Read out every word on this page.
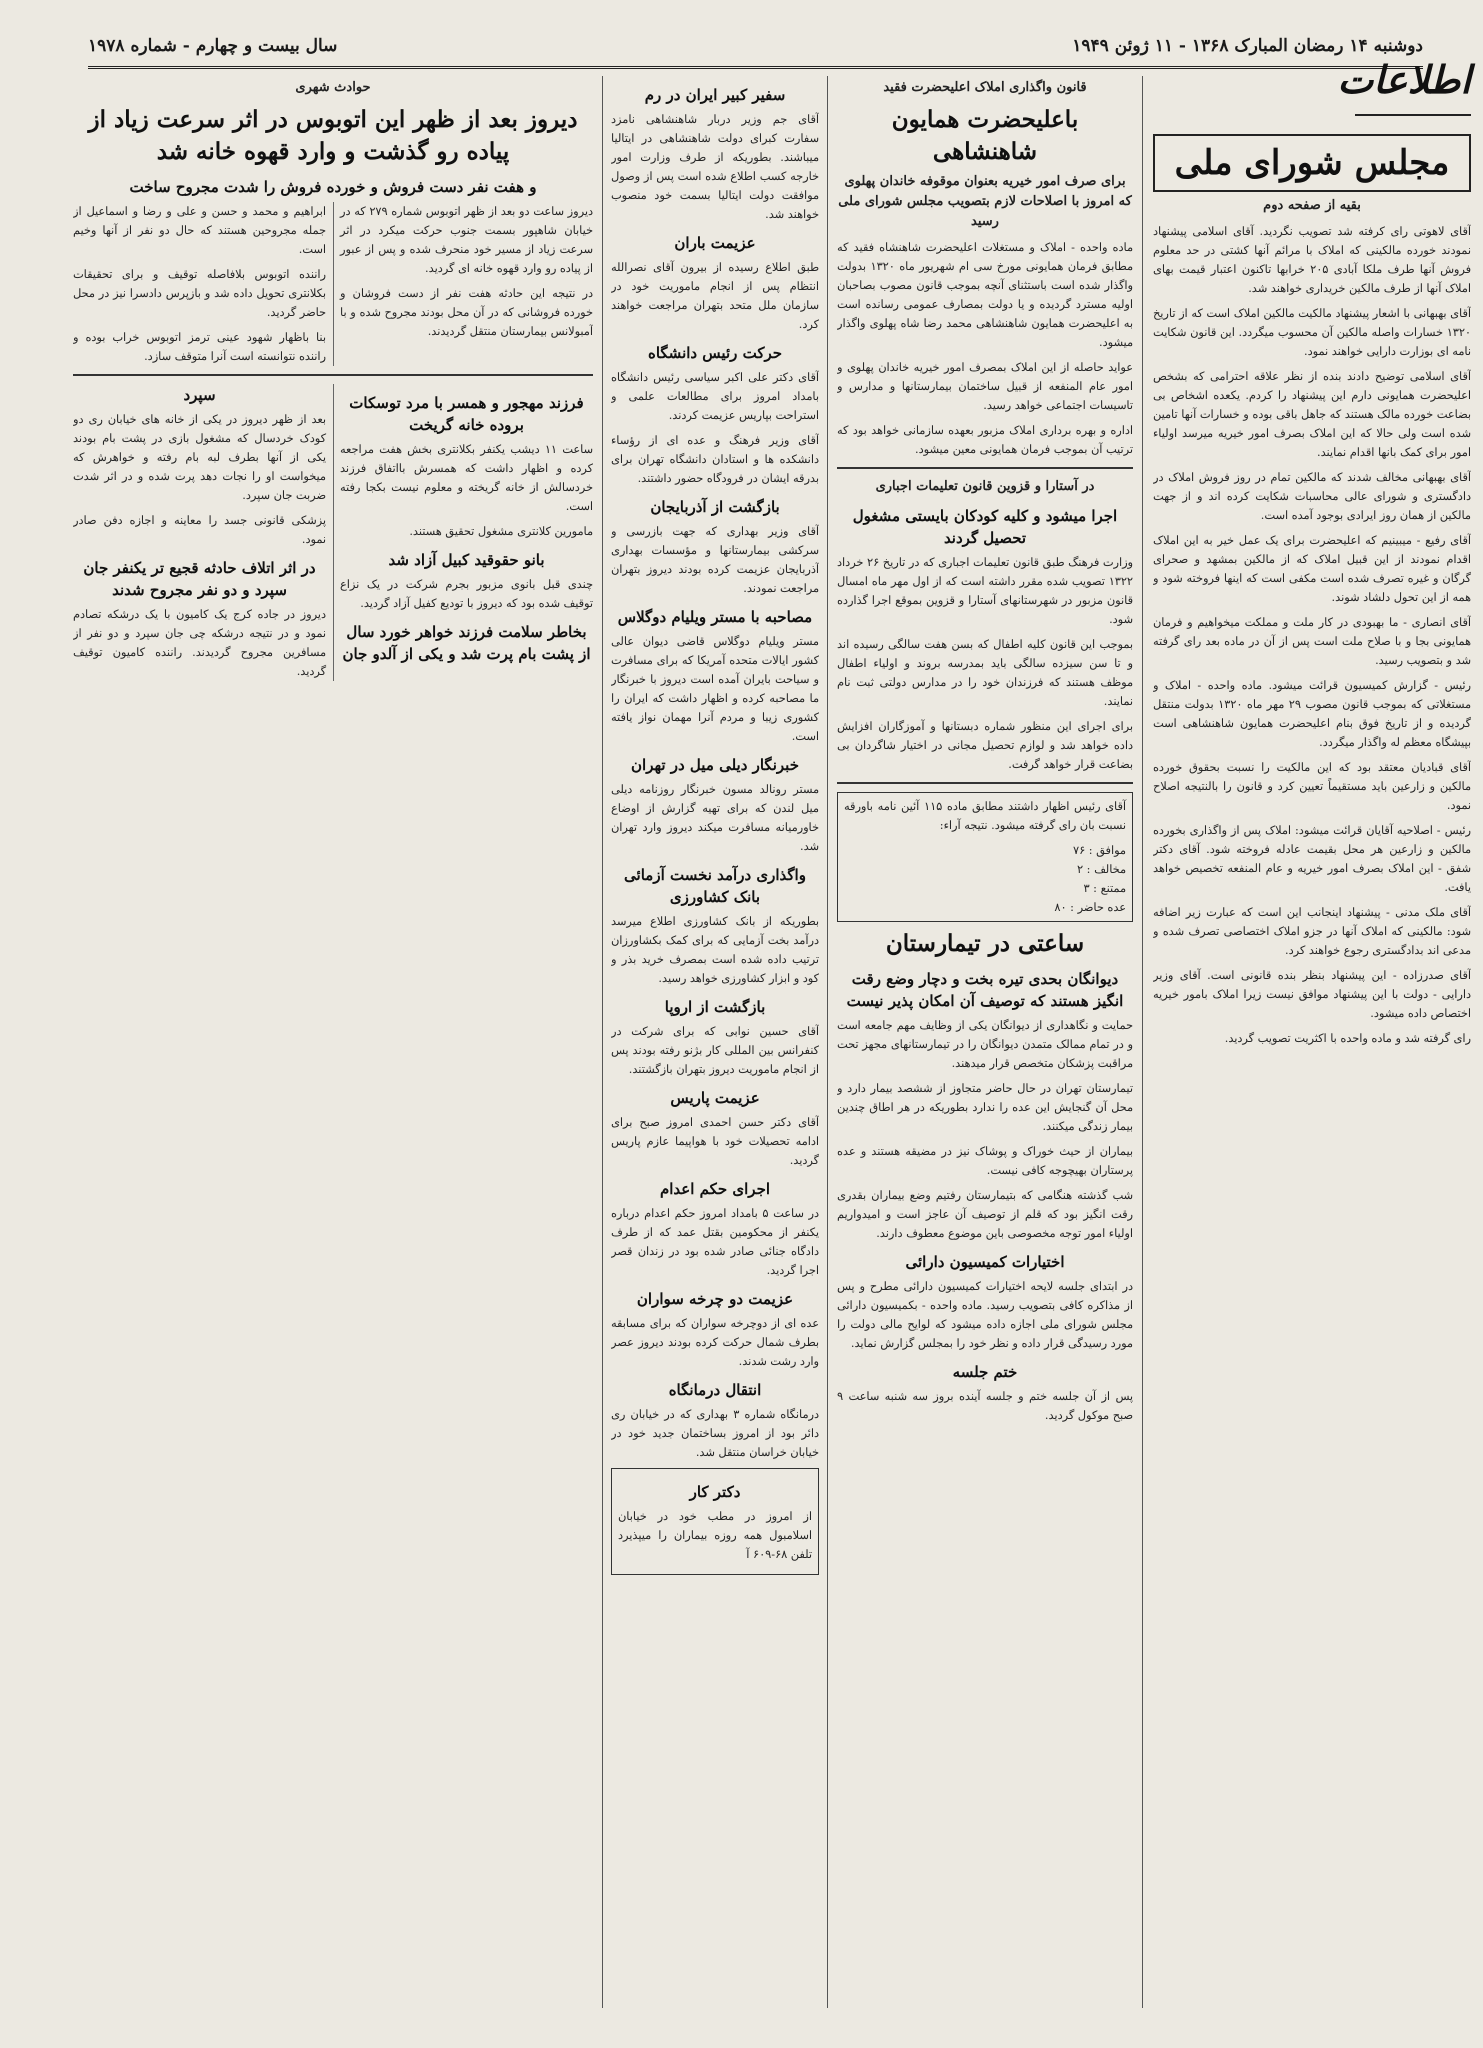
دوشنبه ۱۴ رمضان المبارک ۱۳۶۸ - ۱۱ ژوئن ۱۹۴۹
سال بیست و چهارم - شماره ۱۹۷۸
اطلاعات
مجلس شورای ملی
بقیه از صفحه دوم

آقای لاهوتی رای کرفته شد تصویب نگردید. آقای اسلامی پیشنهاد نمودند خورده مالکینی که املاک با مرائم آنها کشتی در حد معلوم فروش آنها طرف ملکا آبادی ۲۰۵ خرابها تاکنون اعتبار قیمت بهای املاک آنها از طرف مالکین خریداری خواهند شد.

آقای بهبهانی با اشعار پیشنهاد مالکیت مالکین املاک است که از تاریخ ۱۳۲۰ خسارات واصله مالکین آن محسوب میگردد. این قانون شکایت نامه ای بوزارت دارایی خواهند نمود.

آقای اسلامی توضیح دادند بنده از نظر علاقه احترامی که بشخص اعلیحضرت همایونی دارم این پیشنهاد را کردم. یکعده اشخاص بی بضاعت خورده مالک هستند که جاهل باقی بوده و خسارات آنها تامین شده است ولی حالا که این املاک بصرف امور خیریه میرسد اولیاء امور برای کمک بانها اقدام نمایند.

آقای بهبهانی مخالف شدند که مالکین تمام در روز فروش املاک در دادگستری و شورای عالی محاسبات شکایت کرده اند و از جهت مالکین از همان روز ایرادی بوجود آمده است.

آقای رفیع - میبینیم که اعلیحضرت برای یک عمل خیر به این املاک اقدام نمودند از این قبیل املاک که از مالکین بمشهد و صحرای گرگان و غیره تصرف شده است مکفی است که اینها فروخته شود و همه از این تحول دلشاد شوند.

آقای انصاری - ما بهبودی در کار ملت و مملکت میخواهیم و فرمان همایونی بجا و با صلاح ملت است پس از آن در ماده بعد رای گرفته شد و بتصویب رسید.

رئیس - گزارش کمیسیون قرائت میشود. ماده واحده - املاک و مستغلاتی که بموجب قانون مصوب ۲۹ مهر ماه ۱۳۲۰ بدولت منتقل گردیده و از تاریخ فوق بنام اعلیحضرت همایون شاهنشاهی است بپیشگاه معظم له واگذار میگردد.

آقای قبادیان معتقد بود که این مالکیت را نسبت بحقوق خورده مالکین و زارعین باید مستقیماً تعیین کرد و قانون را بالنتیجه اصلاح نمود.

رئیس - اصلاحیه آقایان قرائت میشود: املاک پس از واگذاری بخورده مالکین و زارعین هر محل بقیمت عادله فروخته شود. آقای دکتر شفق - این املاک بصرف امور خیریه و عام المنفعه تخصیص خواهد یافت.

آقای ملک مدنی - پیشنهاد اینجانب این است که عبارت زیر اضافه شود: مالکینی که املاک آنها در جزو املاک اختصاصی تصرف شده و مدعی اند بدادگستری رجوع خواهند کرد.

آقای صدرزاده - این پیشنهاد بنظر بنده قانونی است. آقای وزیر دارایی - دولت با این پیشنهاد موافق نیست زیرا املاک بامور خیریه اختصاص داده میشود.

رای گرفته شد و ماده واحده با اکثریت تصویب گردید.

قانون واگذاری املاک اعلیحضرت فقید
باعلیحضرت همایون شاهنشاهی
برای صرف امور خیریه بعنوان موقوفه خاندان پهلوی که امروز با اصلاحات لازم بتصویب مجلس شورای ملی رسید

ماده واحده - املاک و مستغلات اعلیحضرت شاهنشاه فقید که مطابق فرمان همایونی مورخ سی ام شهریور ماه ۱۳۲۰ بدولت واگذار شده است باستثنای آنچه بموجب قانون مصوب بصاحبان اولیه مسترد گردیده و یا دولت بمصارف عمومی رسانده است به اعلیحضرت همایون شاهنشاهی محمد رضا شاه پهلوی واگذار میشود.

عواید حاصله از این املاک بمصرف امور خیریه خاندان پهلوی و امور عام المنفعه از قبیل ساختمان بیمارستانها و مدارس و تاسیسات اجتماعی خواهد رسید.

اداره و بهره برداری املاک مزبور بعهده سازمانی خواهد بود که ترتیب آن بموجب فرمان همایونی معین میشود.

در آستارا و قزوین قانون تعلیمات اجباری
اجرا میشود و کلیه کودکان بایستی مشغول تحصیل گردند

وزارت فرهنگ طبق قانون تعلیمات اجباری که در تاریخ ۲۶ خرداد ۱۳۲۲ تصویب شده مقرر داشته است که از اول مهر ماه امسال قانون مزبور در شهرستانهای آستارا و قزوین بموقع اجرا گذارده شود.

بموجب این قانون کلیه اطفال که بسن هفت سالگی رسیده اند و تا سن سیزده سالگی باید بمدرسه بروند و اولیاء اطفال موظف هستند که فرزندان خود را در مدارس دولتی ثبت نام نمایند.

برای اجرای این منظور شماره دبستانها و آموزگاران افزایش داده خواهد شد و لوازم تحصیل مجانی در اختیار شاگردان بی بضاعت قرار خواهد گرفت.

آقای رئیس اظهار داشتند مطابق ماده ۱۱۵ آئین نامه باورقه نسبت بان رای گرفته میشود. نتیجه آراء:

موافق : ۷۶
مخالف : ۲
ممتنع : ۳
عده حاضر : ۸۰
ساعتی در تیمارستان
دیوانگان بحدی تیره بخت و دچار وضع رقت انگیز هستند که توصیف آن امکان پذیر نیست

حمایت و نگاهداری از دیوانگان یکی از وظایف مهم جامعه است و در تمام ممالک متمدن دیوانگان را در تیمارستانهای مجهز تحت مراقبت پزشکان متخصص قرار میدهند.

تیمارستان تهران در حال حاضر متجاوز از ششصد بیمار دارد و محل آن گنجایش این عده را ندارد بطوریکه در هر اطاق چندین بیمار زندگی میکنند.

بیماران از حیث خوراک و پوشاک نیز در مضیقه هستند و عده پرستاران بهیچوجه کافی نیست.

شب گذشته هنگامی که بتیمارستان رفتیم وضع بیماران بقدری رقت انگیز بود که قلم از توصیف آن عاجز است و امیدواریم اولیاء امور توجه مخصوصی باین موضوع معطوف دارند.

اختیارات کمیسیون دارائی

در ابتدای جلسه لایحه اختیارات کمیسیون دارائی مطرح و پس از مذاکره کافی بتصویب رسید. ماده واحده - بکمیسیون دارائی مجلس شورای ملی اجازه داده میشود که لوایح مالی دولت را مورد رسیدگی قرار داده و نظر خود را بمجلس گزارش نماید.

ختم جلسه

پس از آن جلسه ختم و جلسه آینده بروز سه شنبه ساعت ۹ صبح موکول گردید.

سفیر کبیر ایران در رم

آقای جم وزیر دربار شاهنشاهی نامزد سفارت کبرای دولت شاهنشاهی در ایتالیا میباشند. بطوریکه از طرف وزارت امور خارجه کسب اطلاع شده است پس از وصول موافقت دولت ایتالیا بسمت خود منصوب خواهند شد.

عزیمت باران

طبق اطلاع رسیده از بیرون آقای نصرالله انتظام پس از انجام ماموریت خود در سازمان ملل متحد بتهران مراجعت خواهند کرد.

حرکت رئیس دانشگاه

آقای دکتر علی اکبر سیاسی رئیس دانشگاه بامداد امروز برای مطالعات علمی و استراحت بپاریس عزیمت کردند.

آقای وزیر فرهنگ و عده ای از رؤساء دانشکده ها و استادان دانشگاه تهران برای بدرقه ایشان در فرودگاه حضور داشتند.

بازگشت از آذربایجان

آقای وزیر بهداری که جهت بازرسی و سرکشی بیمارستانها و مؤسسات بهداری آذربایجان عزیمت کرده بودند دیروز بتهران مراجعت نمودند.

مصاحبه با مستر ویلیام دوگلاس

مستر ویلیام دوگلاس قاضی دیوان عالی کشور ایالات متحده آمریکا که برای مسافرت و سیاحت بایران آمده است دیروز با خبرنگار ما مصاحبه کرده و اظهار داشت که ایران را کشوری زیبا و مردم آنرا مهمان نواز یافته است.

خبرنگار دیلی میل در تهران

مستر رونالد مسون خبرنگار روزنامه دیلی میل لندن که برای تهیه گزارش از اوضاع خاورمیانه مسافرت میکند دیروز وارد تهران شد.

واگذاری درآمد نخست آزمائی بانک کشاورزی

بطوریکه از بانک کشاورزی اطلاع میرسد درآمد بخت آزمایی که برای کمک بکشاورزان ترتیب داده شده است بمصرف خرید بذر و کود و ابزار کشاورزی خواهد رسید.

بازگشت از اروپا

آقای حسین نوابی که برای شرکت در کنفرانس بین المللی کار بژنو رفته بودند پس از انجام ماموریت دیروز بتهران بازگشتند.

عزیمت پاریس

آقای دکتر حسن احمدی امروز صبح برای ادامه تحصیلات خود با هواپیما عازم پاریس گردید.

اجرای حکم اعدام

در ساعت ۵ بامداد امروز حکم اعدام درباره یکنفر از محکومین بقتل عمد که از طرف دادگاه جنائی صادر شده بود در زندان قصر اجرا گردید.

عزیمت دو چرخه سواران

عده ای از دوچرخه سواران که برای مسابقه بطرف شمال حرکت کرده بودند دیروز عصر وارد رشت شدند.

انتقال درمانگاه

درمانگاه شماره ۳ بهداری که در خیابان ری دائر بود از امروز بساختمان جدید خود در خیابان خراسان منتقل شد.

دکتر کار

از امروز در مطب خود در خیابان اسلامبول همه روزه بیماران را میپذیرد تلفن ۶۸-۶۰۹ آ

حوادث شهری
دیروز بعد از ظهر این اتوبوس در اثر سرعت زیاد از پیاده رو گذشت و وارد قهوه خانه شد
و هفت نفر دست فروش و خورده فروش را شدت مجروح ساخت

دیروز ساعت دو بعد از ظهر اتوبوس شماره ۲۷۹ که در خیابان شاهپور بسمت جنوب حرکت میکرد در اثر سرعت زیاد از مسیر خود منحرف شده و پس از عبور از پیاده رو وارد قهوه خانه ای گردید.

در نتیجه این حادثه هفت نفر از دست فروشان و خورده فروشانی که در آن محل بودند مجروح شده و با آمبولانس بیمارستان منتقل گردیدند.

ابراهیم و محمد و حسن و علی و رضا و اسماعیل از جمله مجروحین هستند که حال دو نفر از آنها وخیم است.

راننده اتوبوس بلافاصله توقیف و برای تحقیقات بکلانتری تحویل داده شد و بازپرس دادسرا نیز در محل حاضر گردید.

بنا باظهار شهود عینی ترمز اتوبوس خراب بوده و راننده نتوانسته است آنرا متوقف سازد.

فرزند مهجور و همسر با مرد توسکات بروده خانه گریخت

ساعت ۱۱ دیشب یکنفر بکلانتری بخش هفت مراجعه کرده و اظهار داشت که همسرش بااتفاق فرزند خردسالش از خانه گریخته و معلوم نیست بکجا رفته است.

مامورین کلانتری مشغول تحقیق هستند.

بانو حقوقید کبیل آزاد شد

چندی قبل بانوی مزبور بجرم شرکت در یک نزاع توقیف شده بود که دیروز با تودیع کفیل آزاد گردید.

بخاطر سلامت فرزند خواهر خورد سال از پشت بام پرت شد و یکی از آلدو جان سپرد

بعد از ظهر دیروز در یکی از خانه های خیابان ری دو کودک خردسال که مشغول بازی در پشت بام بودند یکی از آنها بطرف لبه بام رفته و خواهرش که میخواست او را نجات دهد پرت شده و در اثر شدت ضربت جان سپرد.

پزشکی قانونی جسد را معاینه و اجازه دفن صادر نمود.

در اثر اتلاف حادثه قجیع تر یکنفر جان سپرد و دو نفر مجروح شدند

دیروز در جاده کرج یک کامیون با یک درشکه تصادم نمود و در نتیجه درشکه چی جان سپرد و دو نفر از مسافرین مجروح گردیدند. راننده کامیون توقیف گردید.
